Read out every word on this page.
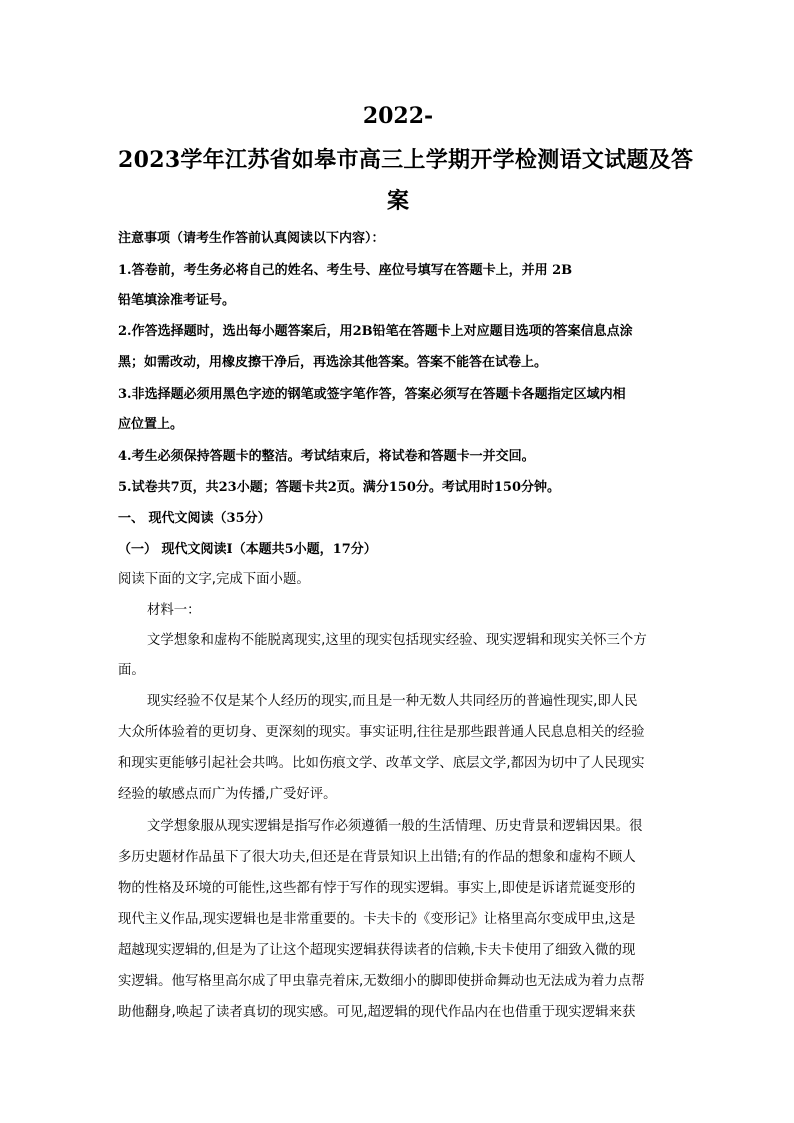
2022-
2023学年江苏省如皋市高三上学期开学检测语文试题及答
案
注意事项（请考生作答前认真阅读以下内容）：
1.答卷前，考生务必将自己的姓名、考生号、座位号填写在答题卡上，并用 2B
铅笔填涂准考证号。
2.作答选择题时，选出每小题答案后，用2B铅笔在答题卡上对应题目选项的答案信息点涂
黑；如需改动，用橡皮擦干净后，再选涂其他答案。答案不能答在试卷上。
3.非选择题必须用黑色字迹的钢笔或签字笔作答，答案必须写在答题卡各题指定区域内相
应位置上。
4.考生必须保持答题卡的整洁。考试结束后，将试卷和答题卡一并交回。
5.试卷共7页，共23小题；答题卡共2页。满分150分。考试用时150分钟。
一、 现代文阅读（35分）
（一） 现代文阅读Ⅰ（本题共5小题，17分）
阅读下面的文字,完成下面小题。
材料一：
文学想象和虚构不能脱离现实,这里的现实包括现实经验、现实逻辑和现实关怀三个方
面。
现实经验不仅是某个人经历的现实,而且是一种无数人共同经历的普遍性现实,即人民
大众所体验着的更切身、更深刻的现实。事实证明,往往是那些跟普通人民息息相关的经验
和现实更能够引起社会共鸣。比如伤痕文学、改革文学、底层文学,都因为切中了人民现实
经验的敏感点而广为传播,广受好评。
文学想象服从现实逻辑是指写作必须遵循一般的生活情理、历史背景和逻辑因果。很
多历史题材作品虽下了很大功夫,但还是在背景知识上出错;有的作品的想象和虚构不顾人
物的性格及环境的可能性,这些都有悖于写作的现实逻辑。事实上,即使是诉诸荒诞变形的
现代主义作品,现实逻辑也是非常重要的。卡夫卡的《变形记》让格里高尔变成甲虫,这是
超越现实逻辑的,但是为了让这个超现实逻辑获得读者的信赖,卡夫卡使用了细致入微的现
实逻辑。他写格里高尔成了甲虫靠壳着床,无数细小的脚即使拼命舞动也无法成为着力点帮
助他翻身,唤起了读者真切的现实感。可见,超逻辑的现代作品内在也借重于现实逻辑来获
